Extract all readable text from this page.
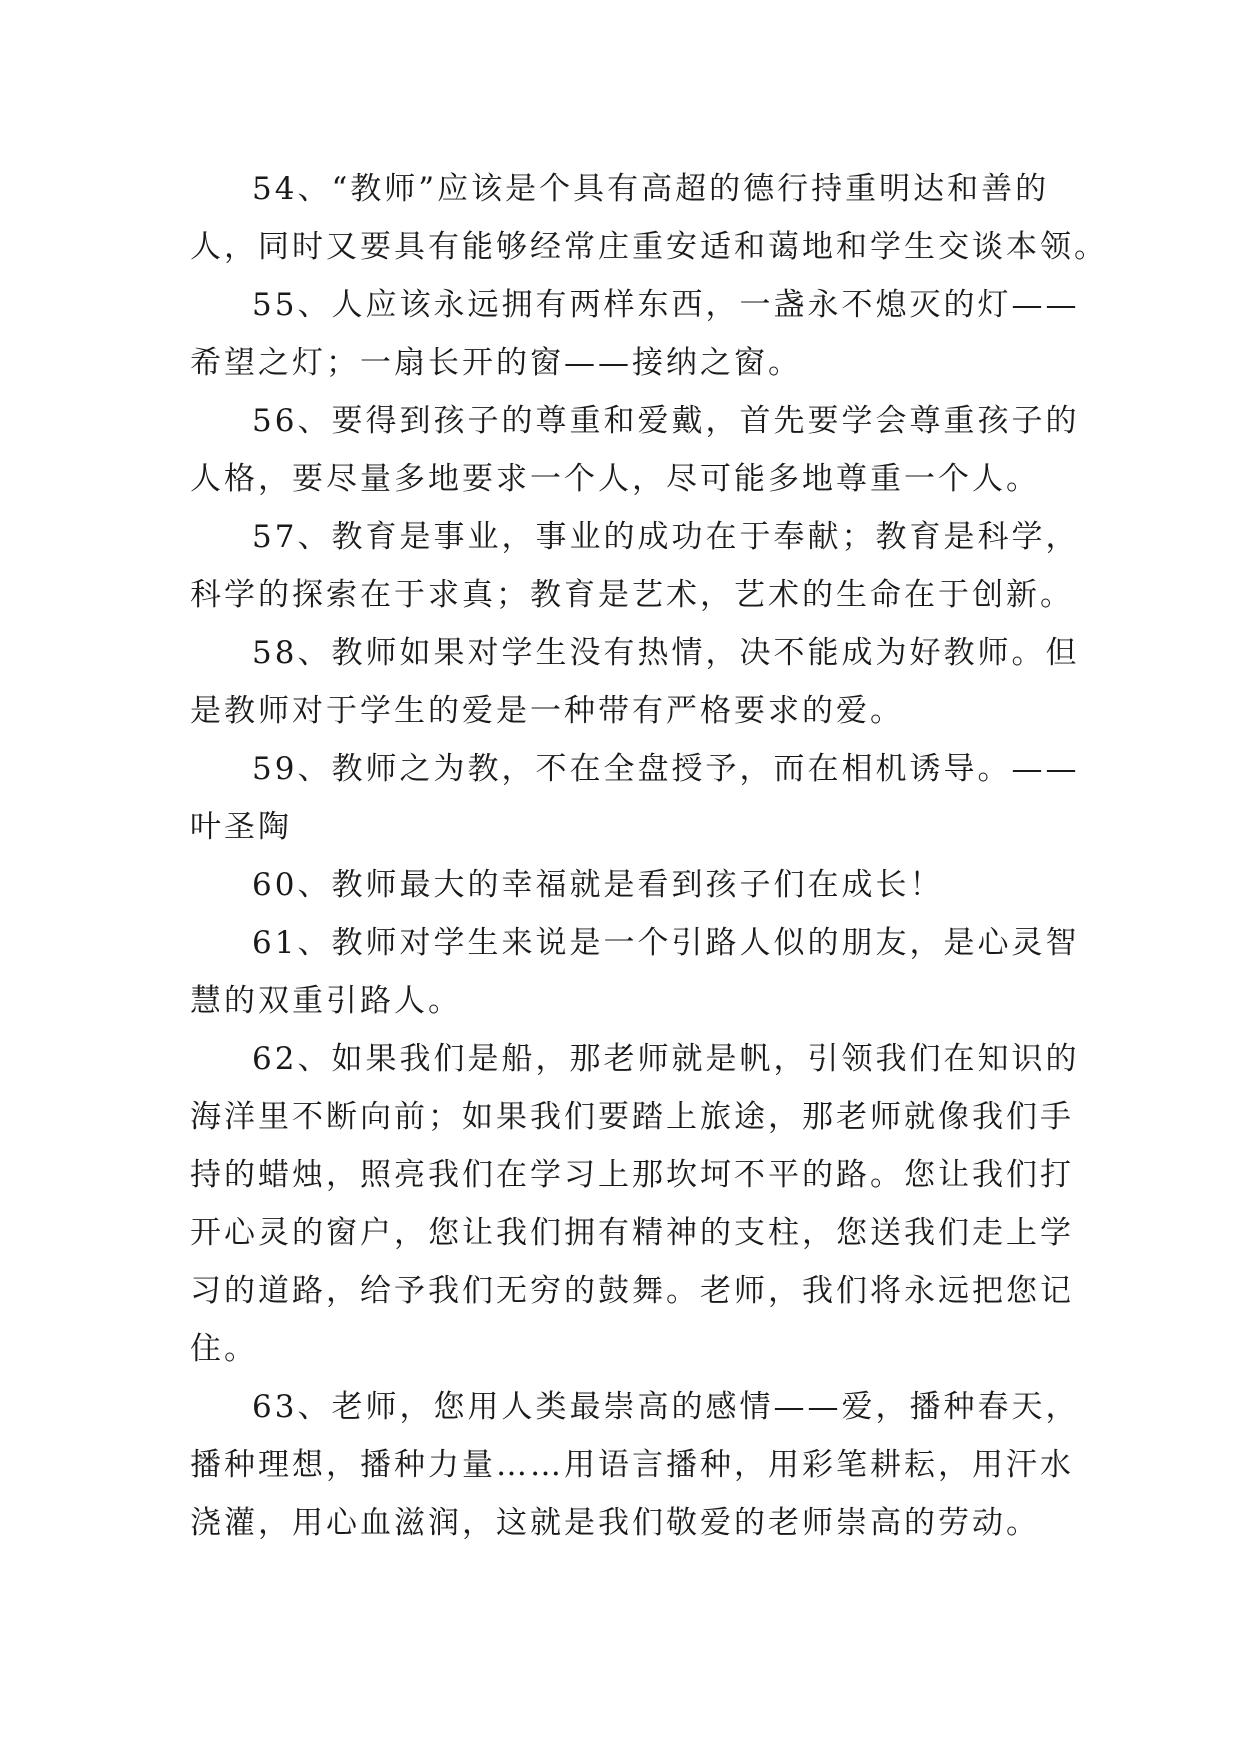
54、“教师”应该是个具有高超的德行持重明达和善的
人，同时又要具有能够经常庄重安适和蔼地和学生交谈本领。
55、人应该永远拥有两样东西，一盏永不熄灭的灯——
希望之灯；一扇长开的窗——接纳之窗。
56、要得到孩子的尊重和爱戴，首先要学会尊重孩子的
人格，要尽量多地要求一个人，尽可能多地尊重一个人。
57、教育是事业，事业的成功在于奉献；教育是科学，
科学的探索在于求真；教育是艺术，艺术的生命在于创新。
58、教师如果对学生没有热情，决不能成为好教师。但
是教师对于学生的爱是一种带有严格要求的爱。
59、教师之为教，不在全盘授予，而在相机诱导。——
叶圣陶
60、教师最大的幸福就是看到孩子们在成长！
61、教师对学生来说是一个引路人似的朋友，是心灵智
慧的双重引路人。
62、如果我们是船，那老师就是帆，引领我们在知识的
海洋里不断向前；如果我们要踏上旅途，那老师就像我们手
持的蜡烛，照亮我们在学习上那坎坷不平的路。您让我们打
开心灵的窗户，您让我们拥有精神的支柱，您送我们走上学
习的道路，给予我们无穷的鼓舞。老师，我们将永远把您记
住。
63、老师，您用人类最崇高的感情——爱，播种春天，
播种理想，播种力量……用语言播种，用彩笔耕耘，用汗水
浇灌，用心血滋润，这就是我们敬爱的老师崇高的劳动。
